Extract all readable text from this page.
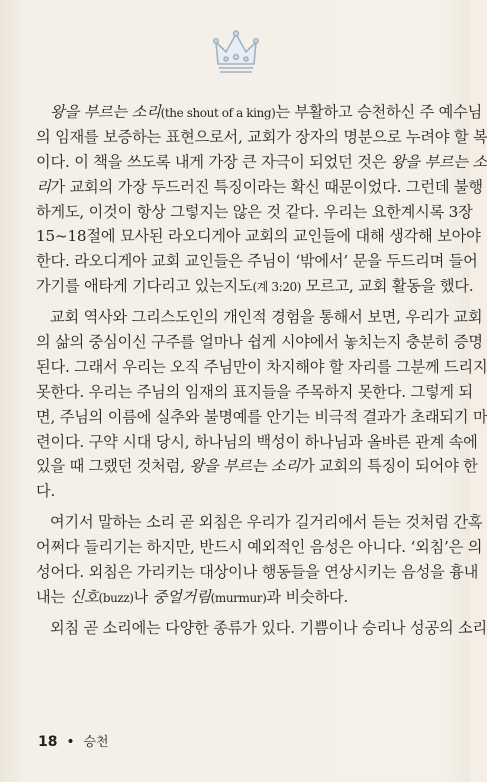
왕을 부르는 소리(the shout of a king)는 부활하고 승천하신 주 예수님
의 임재를 보증하는 표현으로서, 교회가 장자의 명분으로 누려야 할 복
이다. 이 책을 쓰도록 내게 가장 큰 자극이 되었던 것은 왕을 부르는 소
리가 교회의 가장 두드러진 특징이라는 확신 때문이었다. 그런데 불행
하게도, 이것이 항상 그렇지는 않은 것 같다. 우리는 요한계시록 3장
15~18절에 묘사된 라오디게아 교회의 교인들에 대해 생각해 보아야
한다. 라오디게아 교회 교인들은 주님이 ‘밖에서’ 문을 두드리며 들어
가기를 애타게 기다리고 있는지도(계 3:20) 모르고, 교회 활동을 했다.
교회 역사와 그리스도인의 개인적 경험을 통해서 보면, 우리가 교회
의 삶의 중심이신 구주를 얼마나 쉽게 시야에서 놓치는지 충분히 증명
된다. 그래서 우리는 오직 주님만이 차지해야 할 자리를 그분께 드리지
못한다. 우리는 주님의 임재의 표지들을 주목하지 못한다. 그렇게 되
면, 주님의 이름에 실추와 불명예를 안기는 비극적 결과가 초래되기 마
련이다. 구약 시대 당시, 하나님의 백성이 하나님과 올바른 관계 속에
있을 때 그랬던 것처럼, 왕을 부르는 소리가 교회의 특징이 되어야 한
다.
여기서 말하는 소리 곧 외침은 우리가 길거리에서 듣는 것처럼 간혹
어쩌다 들리기는 하지만, 반드시 예외적인 음성은 아니다. ‘외침’은 의
성어다. 외침은 가리키는 대상이나 행동들을 연상시키는 음성을 흉내
내는 신호(buzz)나 중얼거림(murmur)과 비슷하다.
외침 곧 소리에는 다양한 종류가 있다. 기쁨이나 승리나 성공의 소리
18 • 승천
